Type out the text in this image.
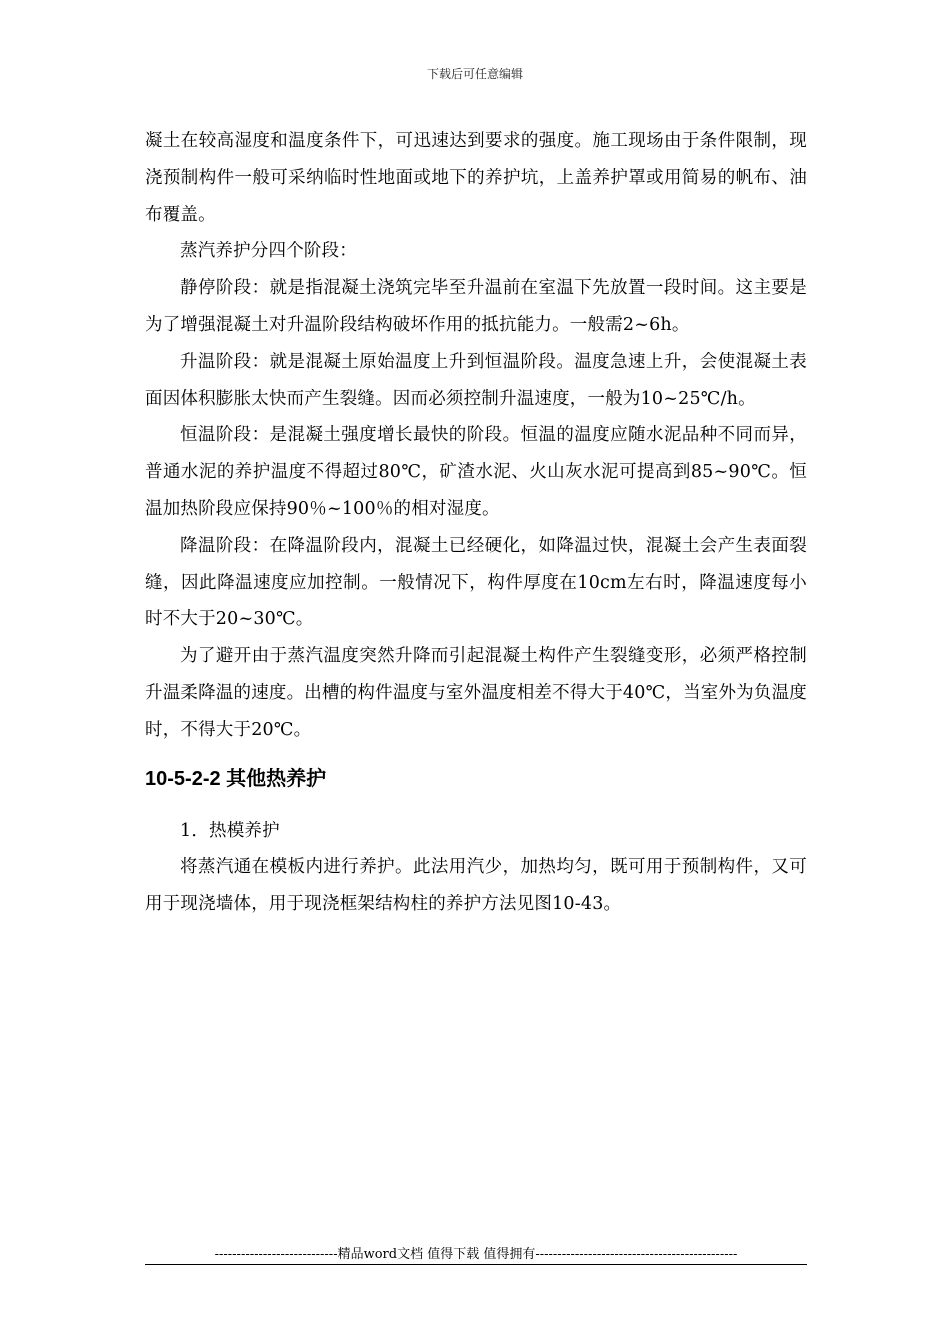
下载后可任意编辑

凝土在较高湿度和温度条件下，可迅速达到要求的强度。施工现场由于条件限制，现浇预制构件一般可采纳临时性地面或地下的养护坑，上盖养护罩或用简易的帆布、油布覆盖。

蒸汽养护分四个阶段：

静停阶段：就是指混凝土浇筑完毕至升温前在室温下先放置一段时间。这主要是为了增强混凝土对升温阶段结构破坏作用的抵抗能力。一般需2~6h。

升温阶段：就是混凝土原始温度上升到恒温阶段。温度急速上升，会使混凝土表面因体积膨胀太快而产生裂缝。因而必须控制升温速度，一般为10~25℃/h。

恒温阶段：是混凝土强度增长最快的阶段。恒温的温度应随水泥品种不同而异，普通水泥的养护温度不得超过80℃，矿渣水泥、火山灰水泥可提高到85~90℃。恒温加热阶段应保持90％~100％的相对湿度。

降温阶段：在降温阶段内，混凝土已经硬化，如降温过快，混凝土会产生表面裂缝，因此降温速度应加控制。一般情况下，构件厚度在10cm左右时，降温速度每小时不大于20~30℃。

为了避开由于蒸汽温度突然升降而引起混凝土构件产生裂缝变形，必须严格控制升温柔降温的速度。出槽的构件温度与室外温度相差不得大于40℃，当室外为负温度时，不得大于20℃。

10-5-2-2 其他热养护

1．热模养护

将蒸汽通在模板内进行养护。此法用汽少，加热均匀，既可用于预制构件，又可用于现浇墙体，用于现浇框架结构柱的养护方法见图10-43。

----------------------------精品word文档 值得下载 值得拥有----------------------------------------------
